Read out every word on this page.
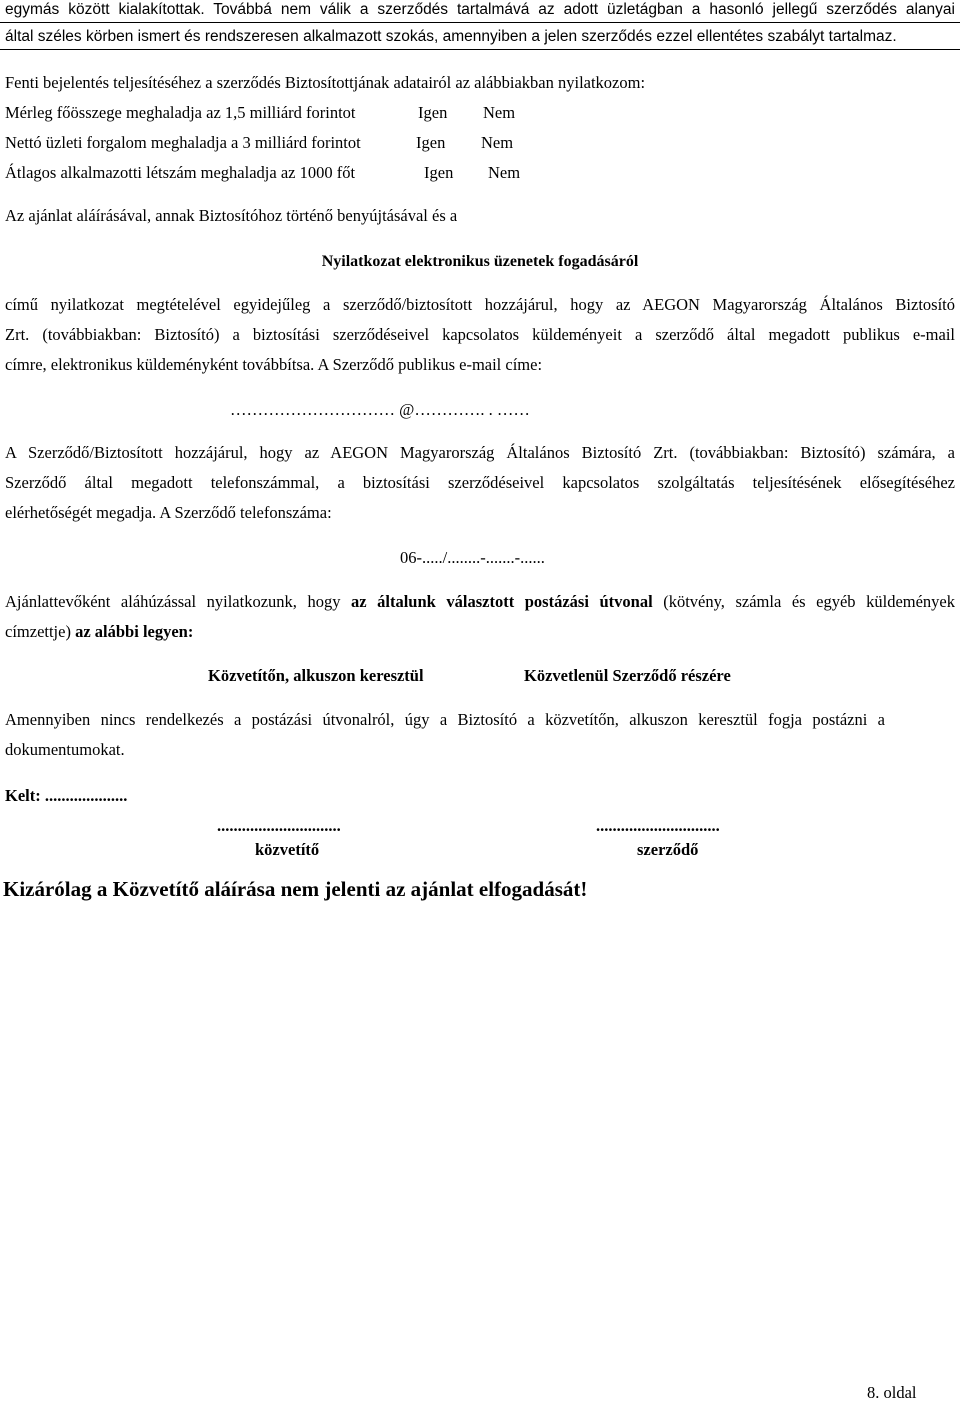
egymás között kialakítottak. Továbbá nem válik a szerződés tartalmává az adott üzletágban a hasonló jellegű szerződés alanyai
által széles körben ismert és rendszeresen alkalmazott szokás, amennyiben a jelen szerződés ezzel ellentétes szabályt tartalmaz.
Fenti bejelentés teljesítéséhez a szerződés Biztosítottjának adatairól az alábbiakban nyilatkozom:
Mérleg főösszege meghaladja az 1,5 milliárd forintot	Igen Nem
Nettó üzleti forgalom meghaladja a 3 milliárd forintot	Igen Nem
Átlagos alkalmazotti létszám meghaladja az 1000 főt	Igen Nem
Az ajánlat aláírásával, annak Biztosítóhoz történő benyújtásával és a
Nyilatkozat elektronikus üzenetek fogadásáról
című nyilatkozat megtételével egyidejűleg a szerződő/biztosított hozzájárul, hogy az AEGON Magyarország Általános Biztosító
Zrt. (továbbiakban: Biztosító) a biztosítási szerződéseivel kapcsolatos küldeményeit a szerződő által megadott publikus e-mail
címre, elektronikus küldeményként továbbítsa. A Szerződő publikus e-mail címe:
………………………… @…………. . ……
A Szerződő/Biztosított hozzájárul, hogy az AEGON Magyarország Általános Biztosító Zrt. (továbbiakban: Biztosító) számára, a
Szerződő által megadott telefonszámmal, a biztosítási szerződéseivel kapcsolatos szolgáltatás teljesítésének elősegítéséhez
elérhetőségét megadja. A Szerződő telefonszáma:
06-...../........-.......-......
Ajánlattevőként aláhúzással nyilatkozunk, hogy az általunk választott postázási útvonal (kötvény, számla és egyéb küldemények
címzettje) az alábbi legyen:
Közvetítőn, alkuszon keresztül	Közvetlenül Szerződő részére
Amennyiben nincs rendelkezés a postázási útvonalról, úgy a Biztosító a közvetítőn, alkuszon keresztül fogja postázni a
dokumentumokat.
Kelt: ....................
..............................	..............................
közvetítő	szerződő
Kizárólag a Közvetítő aláírása nem jelenti az ajánlat elfogadását!
8. oldal
